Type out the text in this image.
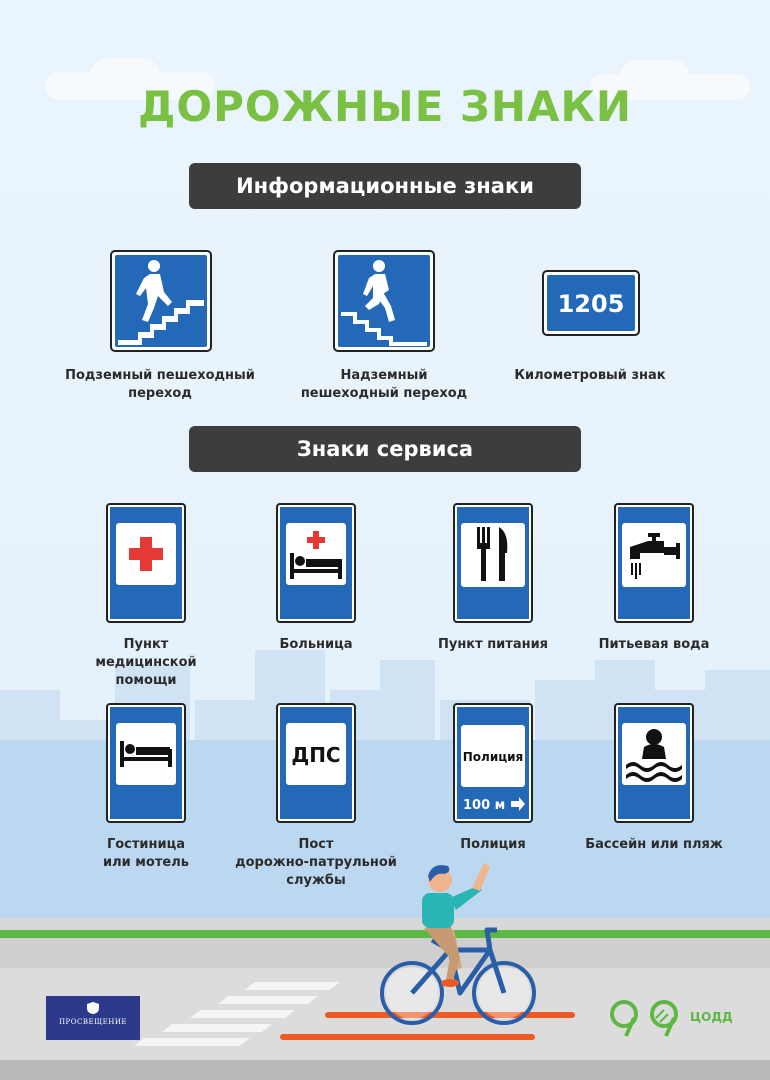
ДОРОЖНЫЕ ЗНАКИ
Информационные знаки
Знаки сервиса
Подземный пешеходный
переход
Надземный
пешеходный переход
1205
Километровый знак
Пункт
медицинской
помощи
Больница	Пункт питания	Питьевая вода
Гостиница
или мотель
ДПС
Пост
дорожно-патрульной
службы
Полиция
100 м
Полиция	Бассейн или пляж
ПРОСВЕЩЕНИЕ	ЦОДД
